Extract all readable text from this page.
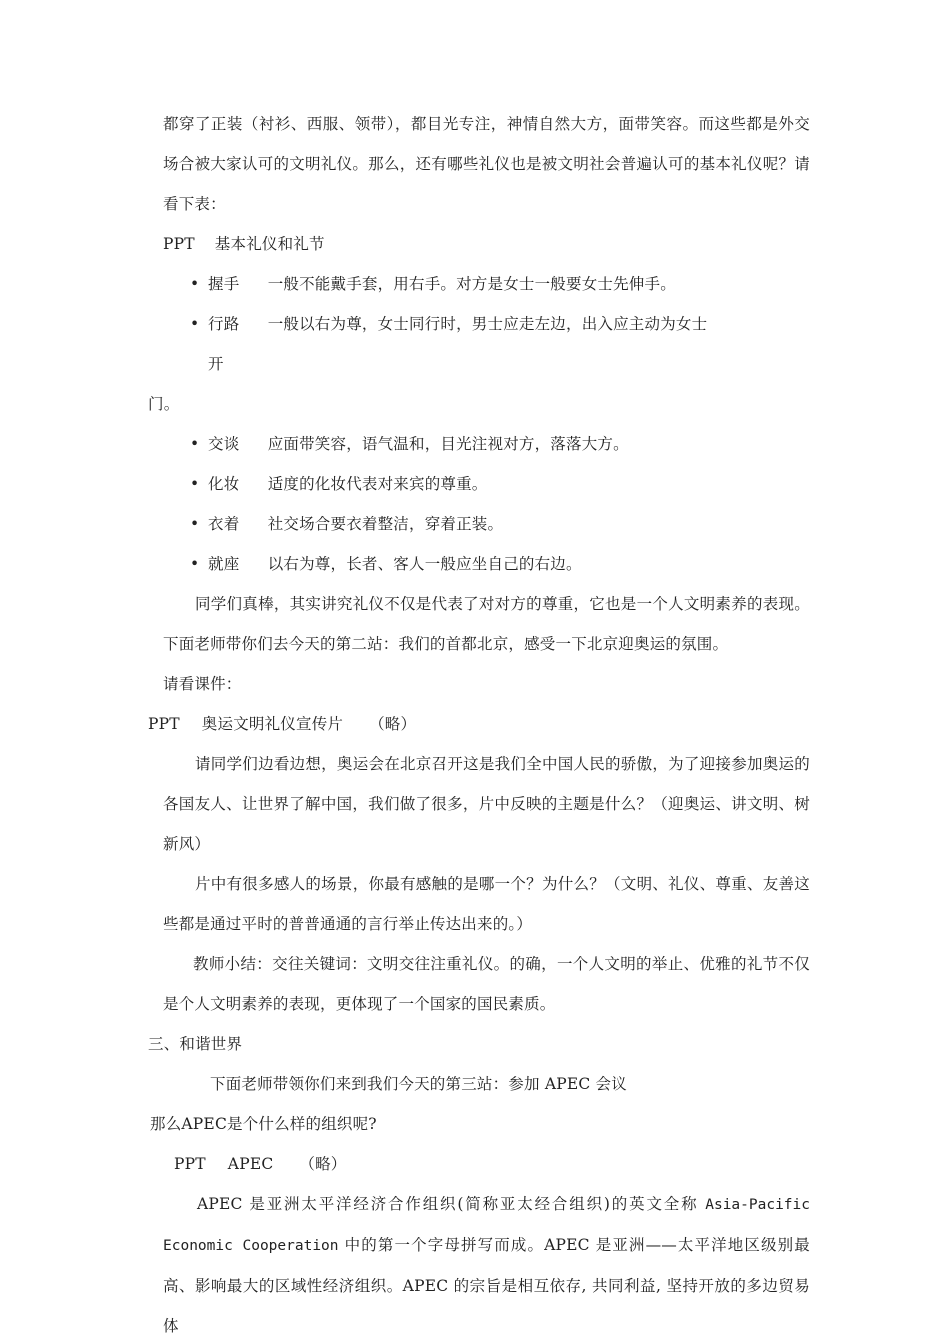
都穿了正装（衬衫、西服、领带），都目光专注，神情自然大方，面带笑容。而这些都是外交场合被大家认可的文明礼仪。那么，还有哪些礼仪也是被文明社会普遍认可的基本礼仪呢？请看下表：

PPT 基本礼仪和礼节

• 握手 一般不能戴手套，用右手。对方是女士一般要女士先伸手。
• 行路 一般以右为尊，女士同行时，男士应走左边，出入应主动为女士  开

门。

• 交谈 应面带笑容，语气温和，目光注视对方，落落大方。
• 化妆 适度的化妆代表对来宾的尊重。
• 衣着 社交场合要衣着整洁，穿着正装。
• 就座 以右为尊，长者、客人一般应坐自己的右边。

同学们真棒，其实讲究礼仪不仅是代表了对对方的尊重，它也是一个人文明素养的表现。下面老师带你们去今天的第二站：我们的首都北京，感受一下北京迎奥运的氛围。

请看课件：

PPT 奥运文明礼仪宣传片 （略）

请同学们边看边想，奥运会在北京召开这是我们全中国人民的骄傲，为了迎接参加奥运的各国友人、让世界了解中国，我们做了很多，片中反映的主题是什么？（迎奥运、讲文明、树新风）

片中有很多感人的场景，你最有感触的是哪一个？为什么？（文明、礼仪、尊重、友善这些都是通过平时的普普通通的言行举止传达出来的。）

教师小结：交往关键词：文明交往注重礼仪。的确，一个人文明的举止、优雅的礼节不仅是个人文明素养的表现，更体现了一个国家的国民素质。

三、和谐世界

下面老师带领你们来到我们今天的第三站：参加 APEC 会议

那么APEC是个什么样的组织呢?

PPT APEC （略）

APEC 是亚洲太平洋经济合作组织(简称亚太经合组织)的英文全称 Asia-Pacific Economic Cooperation 中的第一个字母拼写而成。APEC 是亚洲——太平洋地区级别最高、影响最大的区域性经济组织。APEC 的宗旨是相互依存, 共同利益, 坚持开放的多边贸易体
